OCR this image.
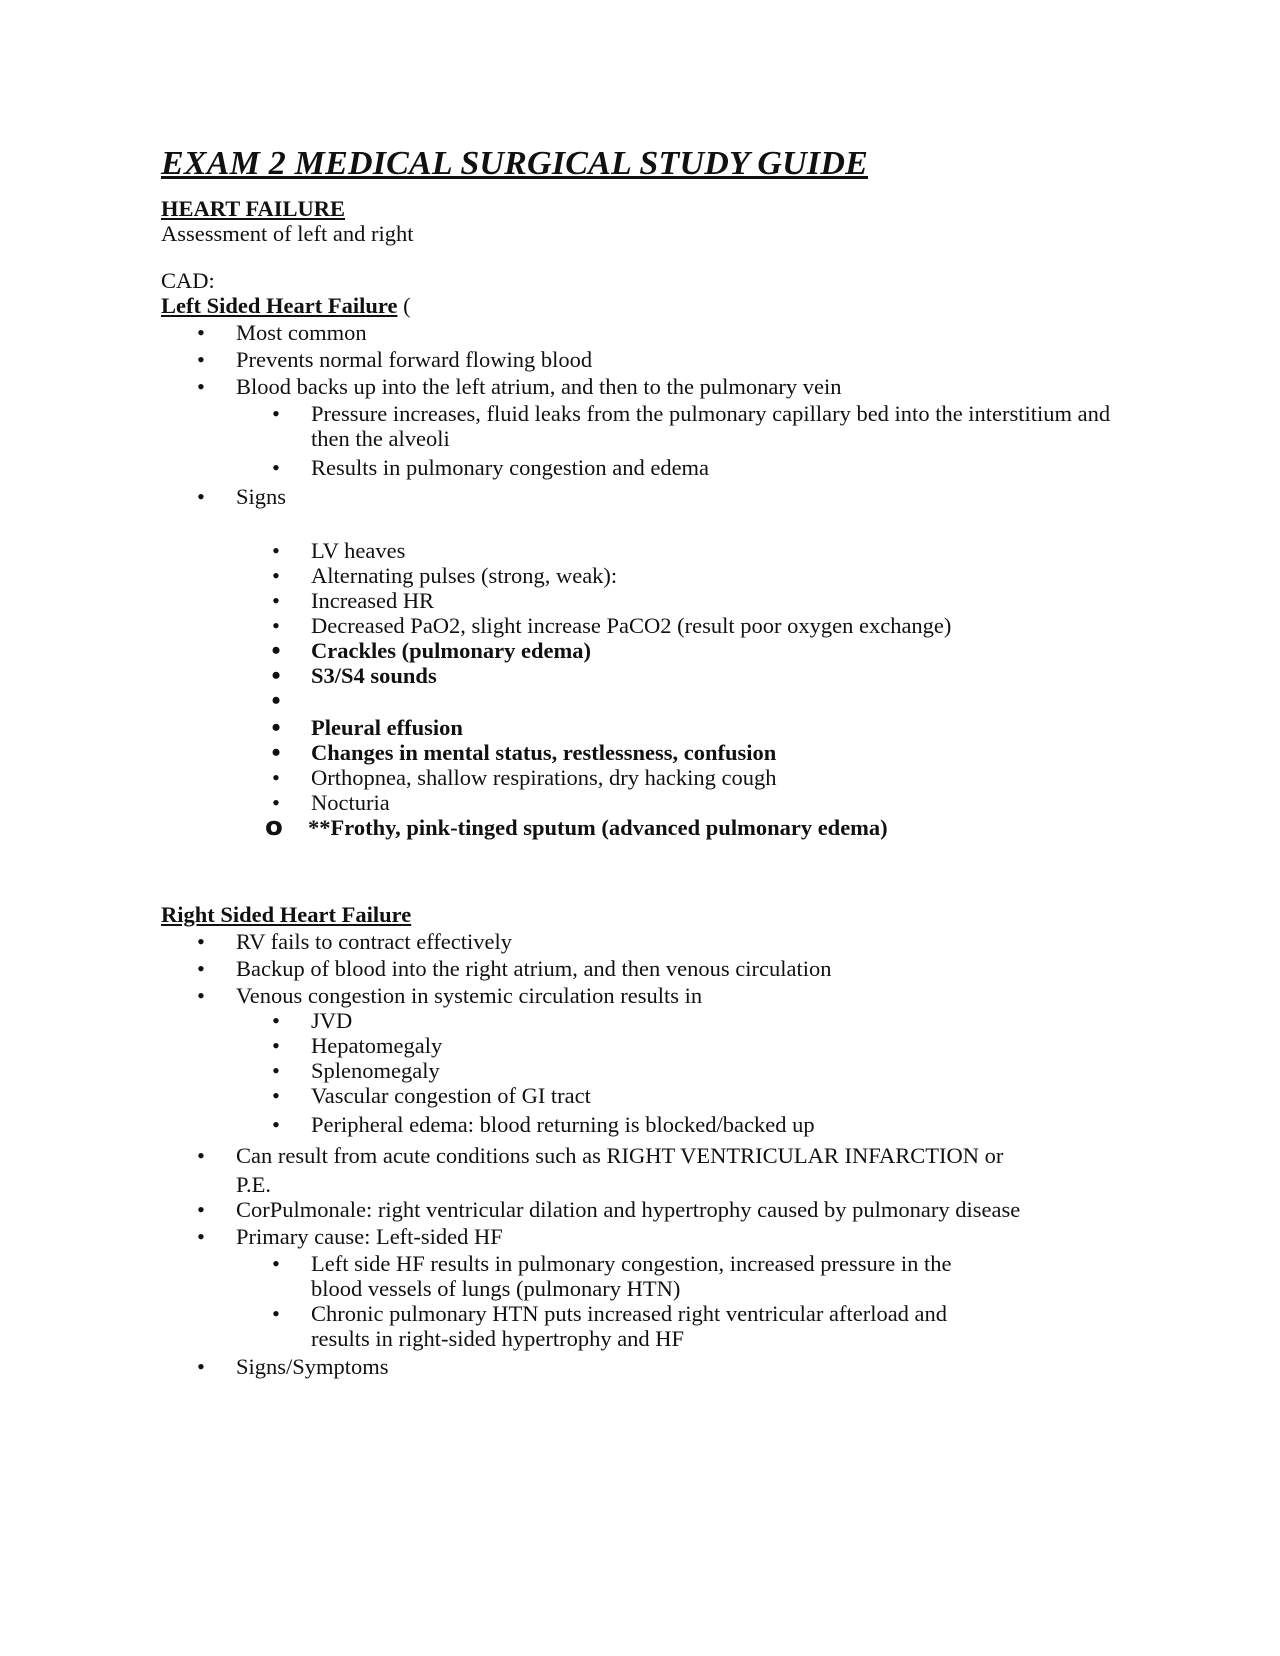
EXAM 2 MEDICAL SURGICAL STUDY GUIDE

HEART FAILURE

Assessment of left and right

CAD:

Left Sided Heart Failure (

• Most common
• Prevents normal forward flowing blood
• Blood backs up into the left atrium, and then to the pulmonary vein
• Pressure increases, fluid leaks from the pulmonary capillary bed into the interstitium and then the alveoli
• Results in pulmonary congestion and edema
• Signs
• LV heaves
• Alternating pulses (strong, weak):
• Increased HR
• Decreased PaO2, slight increase PaCO2 (result poor oxygen exchange)
• Crackles (pulmonary edema)
• S3/S4 sounds
•

• Pleural effusion
• Changes in mental status, restlessness, confusion
• Orthopnea, shallow respirations, dry hacking cough
• Nocturia
o **Frothy, pink-tinged sputum (advanced pulmonary edema)

Right Sided Heart Failure

• RV fails to contract effectively
• Backup of blood into the right atrium, and then venous circulation
• Venous congestion in systemic circulation results in
• JVD
• Hepatomegaly
• Splenomegaly
• Vascular congestion of GI tract
• Peripheral edema: blood returning is blocked/backed up
• Can result from acute conditions such as RIGHT VENTRICULAR INFARCTION or P.E.
• CorPulmonale: right ventricular dilation and hypertrophy caused by pulmonary disease
• Primary cause: Left-sided HF
• Left side HF results in pulmonary congestion, increased pressure in the blood vessels of lungs (pulmonary HTN)
• Chronic pulmonary HTN puts increased right ventricular afterload and results in right-sided hypertrophy and HF
• Signs/Symptoms
